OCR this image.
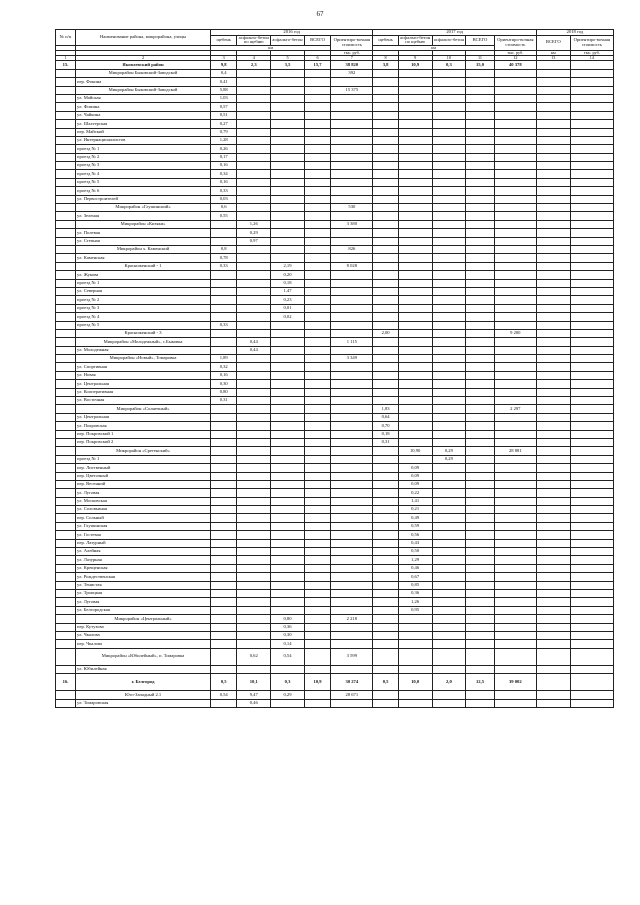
67
№ п/п	Наименование района, микрорайона, улицы	2016 год					2017 год					2018 год	
		щебень	асфальто-бетон по щебню	асфальто-бетон	ВСЕГО	Ориентиро-вочная стоимость	щебень	асфальто-бетон по щебню	асфальто-бетон	ВСЕГО	Ориентиро-вочная стоимость	ВСЕГО	Ориентиро-вочная стоимость
		км					км						
						тыс. руб.					тыс. руб.	км	тыс. руб.
1	2	3	4	5	6	7	8	9	10	11	12	13	14
15.	Яковлевский район	9,8	2,3	3,5	15,7	38 820	3,8	10,9	0,3	15,0	40 378		
	Микрорайон Быковский-Заводской	0,4				392							
	пер. Фокина	0,41											
	Микрорайон Быковский-Заводской	5,88				15 375							
	ул. Майская	1,03											
	ул. Фомина	0,57											
	ул. Чайкина	0,51											
	ул. Шахтерская	0,27											
	пер. Майский	0,79											
	ул. Интернационалистов	1,28											
	проезд № 1	0,26											
	проезд № 2	0,17											
	проезд № 3	0,16											
	проезд № 4	0,34											
	проезд № 5	0,16											
	проезд № 6	0,33											
	ул. Первостроителей	0,03											
	Микрорайон «Глушинский»	0,6				530							
	ул. Зеленая	0,55											
	Микрорайон «Кизяки»		1,26			3 380							
	ул. Полевая		0,29										
	ул. Степная		0,97										
	Микрорайон х. Каменский	0,8				826							
	ул. Каменская	0,78											
	Красноженский - 1	0,33		2,19		8 028							
	ул. Жукова			0,20									
	проезд № 1			0,18									
	ул. Северная			1,47									
	проезд № 2			0,23									
	проезд № 3			0,01									
	проезд № 4			0,02									
	проезд № 5	0,33											
	Красноженский - 3						2,00				9 200		
	Микрорайон «Молодежный», с.Быковка		0,44			1 115							
	ул. Молодежная		0,44										
	Микрорайон «Новый», Томаровка	1,89				3 349							
	ул. Спортивная	0,32											
	ул. Новая	0,16											
	ул. Центральная	0,30											
	ул. Кооперативная	0,80											
	ул. Восточная	0,31											
	Микрорайон «Солнечный»						1,83				2 297		
	ул. Центральная						0,64						
	ул. Покровская						0,70						
	пер. Покровский 1						0,18						
	пер. Покровский 2						0,31						
	Микрорайон «Сретенский»							10,90	0,29		28 881		
	проезд № 1								0,29				
	пер. Лиственный							0,09					
	пер. Цветочный							0,09					
	пер. Весенний							0,09					
	ул. Луговая							0,22					
	ул. Московская							1,41					
	ул. Соловьиная							0,21					
	пер. Сольный							0,49					
	ул. Глушинская							0,59					
	ул. Гостевая							0,56					
	пер. Лазурный							0,43					
	ул. Алейная							0,50					
	ул. Лазурная							1,29					
	ул. Крещенская							0,46					
	ул. Рождественская							0,67					
	ул. Тенистая							0,85					
	ул. Троицкая							0,36					
	ул. Луговая							1,26					
	ул. Белгородская							0,95					
	Микрорайон «Центральный»			0,80		2 218							
	пер. Кутузова			0,36									
	ул. Чкалова			0,30									
	пер. Чкалова			0,14									
	Микрорайон «Юбилейный», п. Томаровка		0,62	0,54		3 599							
	ул. Юбилейная												
16.	г. Белгород	0,5	10,1	0,3	10,9	30 274	0,5	10,0	2,0	12,5	39 002		
	Юго-Западный 2.1	0,54	9,47	0,29		28 671							
	ул. Томаровская		0,46										
